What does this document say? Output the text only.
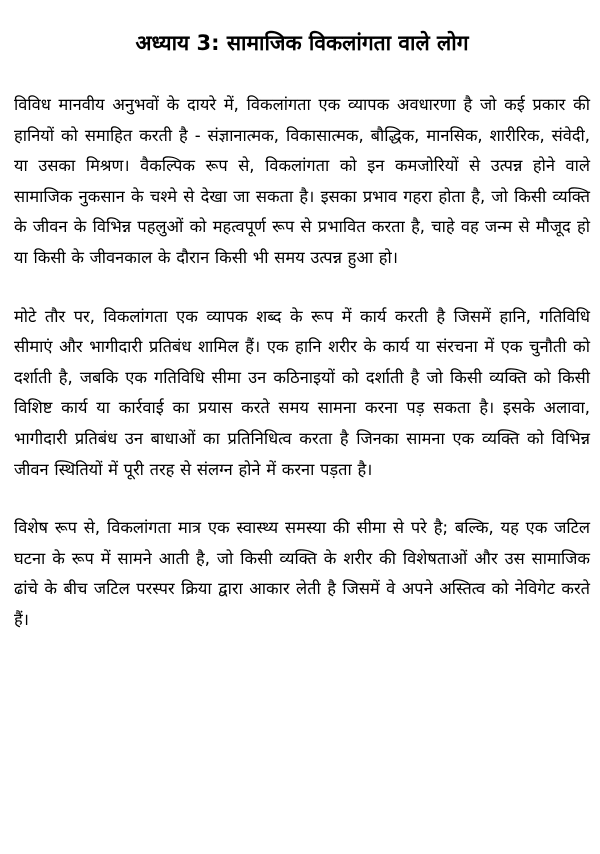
अध्याय 3: सामाजिक विकलांगता वाले लोग

विविध मानवीय अनुभवों के दायरे में, विकलांगता एक व्यापक अवधारणा है जो कई प्रकार की हानियों को समाहित करती है - संज्ञानात्मक, विकासात्मक, बौद्धिक, मानसिक, शारीरिक, संवेदी, या उसका मिश्रण। वैकल्पिक रूप से, विकलांगता को इन कमजोरियों से उत्पन्न होने वाले सामाजिक नुकसान के चश्मे से देखा जा सकता है। इसका प्रभाव गहरा होता है, जो किसी व्यक्ति के जीवन के विभिन्न पहलुओं को महत्वपूर्ण रूप से प्रभावित करता है, चाहे वह जन्म से मौजूद हो या किसी के जीवनकाल के दौरान किसी भी समय उत्पन्न हुआ हो।

मोटे तौर पर, विकलांगता एक व्यापक शब्द के रूप में कार्य करती है जिसमें हानि, गतिविधि सीमाएं और भागीदारी प्रतिबंध शामिल हैं। एक हानि शरीर के कार्य या संरचना में एक चुनौती को दर्शाती है, जबकि एक गतिविधि सीमा उन कठिनाइयों को दर्शाती है जो किसी व्यक्ति को किसी विशिष्ट कार्य या कार्रवाई का प्रयास करते समय सामना करना पड़ सकता है। इसके अलावा, भागीदारी प्रतिबंध उन बाधाओं का प्रतिनिधित्व करता है जिनका सामना एक व्यक्ति को विभिन्न जीवन स्थितियों में पूरी तरह से संलग्न होने में करना पड़ता है।

विशेष रूप से, विकलांगता मात्र एक स्वास्थ्य समस्या की सीमा से परे है; बल्कि, यह एक जटिल घटना के रूप में सामने आती है, जो किसी व्यक्ति के शरीर की विशेषताओं और उस सामाजिक ढांचे के बीच जटिल परस्पर क्रिया द्वारा आकार लेती है जिसमें वे अपने अस्तित्व को नेविगेट करते हैं।
